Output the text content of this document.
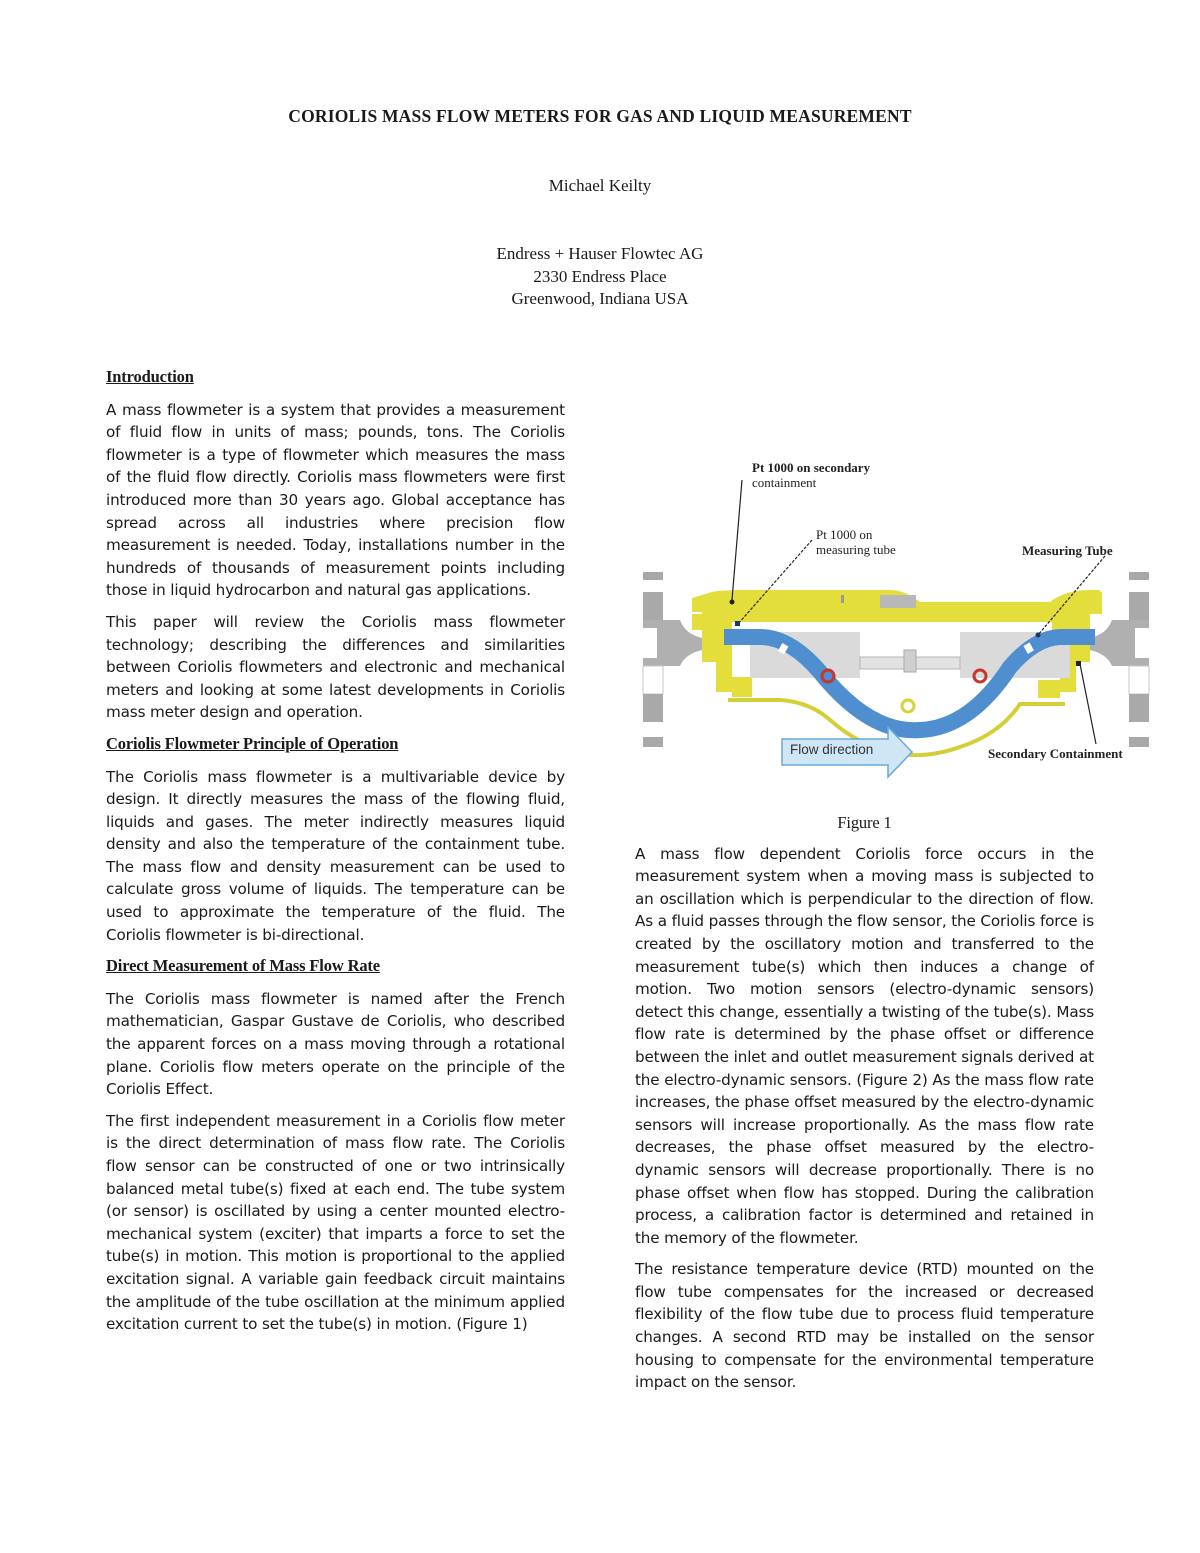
CORIOLIS MASS FLOW METERS FOR GAS AND LIQUID MEASUREMENT
Michael Keilty
Endress + Hauser Flowtec AG
2330 Endress Place
Greenwood, Indiana USA
Introduction

A mass flowmeter is a system that provides a measurement of fluid flow in units of mass; pounds, tons. The Coriolis flowmeter is a type of flowmeter which measures the mass of the fluid flow directly. Coriolis mass flowmeters were first introduced more than 30 years ago. Global acceptance has spread across all industries where precision flow measurement is needed. Today, installations number in the hundreds of thousands of measurement points including those in liquid hydrocarbon and natural gas applications.

This paper will review the Coriolis mass flowmeter technology; describing the differences and similarities between Coriolis flowmeters and electronic and mechanical meters and looking at some latest developments in Coriolis mass meter design and operation.

Coriolis Flowmeter Principle of Operation

The Coriolis mass flowmeter is a multivariable device by design. It directly measures the mass of the flowing fluid, liquids and gases. The meter indirectly measures liquid density and also the temperature of the containment tube. The mass flow and density measurement can be used to calculate gross volume of liquids. The temperature can be used to approximate the temperature of the fluid. The Coriolis flowmeter is bi-directional.

Direct Measurement of Mass Flow Rate

The Coriolis mass flowmeter is named after the French mathematician, Gaspar Gustave de Coriolis, who described the apparent forces on a mass moving through a rotational plane. Coriolis flow meters operate on the principle of the Coriolis Effect.

The first independent measurement in a Coriolis flow meter is the direct determination of mass flow rate. The Coriolis flow sensor can be constructed of one or two intrinsically balanced metal tube(s) fixed at each end. The tube system (or sensor) is oscillated by using a center mounted electro-mechanical system (exciter) that imparts a force to set the tube(s) in motion. This motion is proportional to the applied excitation signal. A variable gain feedback circuit maintains the amplitude of the tube oscillation at the minimum applied excitation current to set the tube(s) in motion. (Figure 1)

Pt 1000 on secondary
containment
Pt 1000 on
measuring tube	Measuring Tube
Flow direction	Secondary Containment
Figure 1

A mass flow dependent Coriolis force occurs in the measurement system when a moving mass is subjected to an oscillation which is perpendicular to the direction of flow. As a fluid passes through the flow sensor, the Coriolis force is created by the oscillatory motion and transferred to the measurement tube(s) which then induces a change of motion. Two motion sensors (electro-dynamic sensors) detect this change, essentially a twisting of the tube(s). Mass flow rate is determined by the phase offset or difference between the inlet and outlet measurement signals derived at the electro-dynamic sensors. (Figure 2) As the mass flow rate increases, the phase offset measured by the electro-dynamic sensors will increase proportionally. As the mass flow rate decreases, the phase offset measured by the electro-dynamic sensors will decrease proportionally. There is no phase offset when flow has stopped. During the calibration process, a calibration factor is determined and retained in the memory of the flowmeter.

The resistance temperature device (RTD) mounted on the flow tube compensates for the increased or decreased flexibility of the flow tube due to process fluid temperature changes. A second RTD may be installed on the sensor housing to compensate for the environmental temperature impact on the sensor.
